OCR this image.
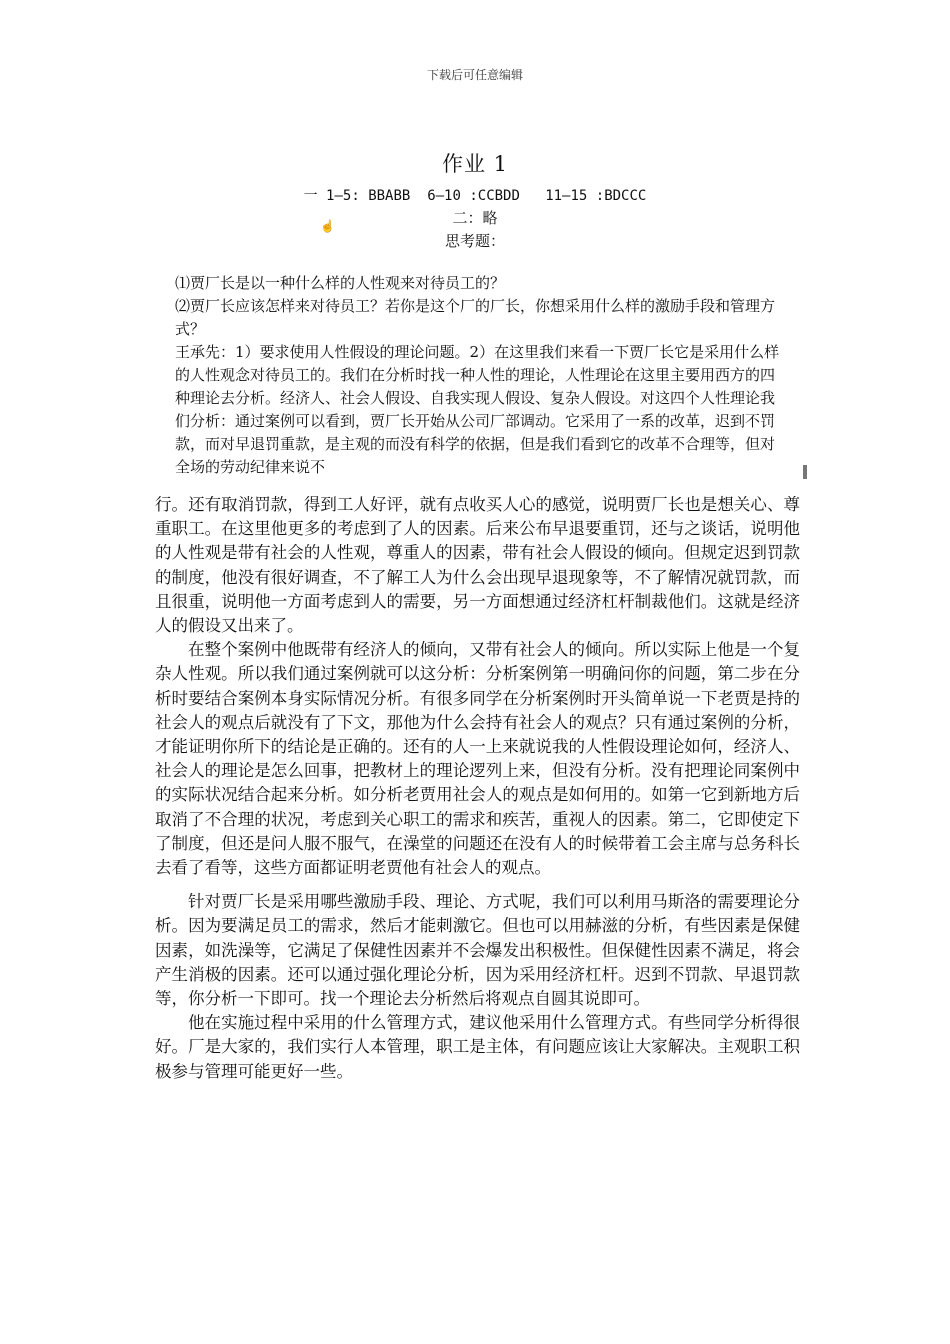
下载后可任意编辑
作业 1
一 1—5: BBABB  6—10 :CCBDD   11—15 :BDCCC
二：略
思考题：
☝

⑴贾厂长是以一种什么样的人性观来对待员工的？

⑵贾厂长应该怎样来对待员工？若你是这个厂的厂长，你想采用什么样的激励手段和管理方式？

王承先：1）要求使用人性假设的理论问题。2）在这里我们来看一下贾厂长它是采用什么样的人性观念对待员工的。我们在分析时找一种人性的理论，人性理论在这里主要用西方的四种理论去分析。经济人、社会人假设、自我实现人假设、复杂人假设。对这四个人性理论我们分析：通过案例可以看到，贾厂长开始从公司厂部调动。它采用了一系的改革，迟到不罚款，而对早退罚重款，是主观的而没有科学的依据，但是我们看到它的改革不合理等，但对全场的劳动纪律来说不

行。还有取消罚款，得到工人好评，就有点收买人心的感觉，说明贾厂长也是想关心、尊重职工。在这里他更多的考虑到了人的因素。后来公布早退要重罚，还与之谈话，说明他的人性观是带有社会的人性观，尊重人的因素，带有社会人假设的倾向。但规定迟到罚款的制度，他没有很好调查，不了解工人为什么会出现早退现象等，不了解情况就罚款，而且很重，说明他一方面考虑到人的需要，另一方面想通过经济杠杆制裁他们。这就是经济人的假设又出来了。

在整个案例中他既带有经济人的倾向，又带有社会人的倾向。所以实际上他是一个复杂人性观。所以我们通过案例就可以这分析：分析案例第一明确问你的问题，第二步在分析时要结合案例本身实际情况分析。有很多同学在分析案例时开头简单说一下老贾是持的社会人的观点后就没有了下文，那他为什么会持有社会人的观点？只有通过案例的分析，才能证明你所下的结论是正确的。还有的人一上来就说我的人性假设理论如何，经济人、社会人的理论是怎么回事，把教材上的理论逻列上来，但没有分析。没有把理论同案例中的实际状况结合起来分析。如分析老贾用社会人的观点是如何用的。如第一它到新地方后取消了不合理的状况，考虑到关心职工的需求和疾苦，重视人的因素。第二，它即使定下了制度，但还是问人服不服气，在澡堂的问题还在没有人的时候带着工会主席与总务科长去看了看等，这些方面都证明老贾他有社会人的观点。

针对贾厂长是采用哪些激励手段、理论、方式呢，我们可以利用马斯洛的需要理论分析。因为要满足员工的需求，然后才能刺激它。但也可以用赫滋的分析，有些因素是保健因素，如洗澡等，它满足了保健性因素并不会爆发出积极性。但保健性因素不满足，将会产生消极的因素。还可以通过强化理论分析，因为采用经济杠杆。迟到不罚款、早退罚款等，你分析一下即可。找一个理论去分析然后将观点自圆其说即可。

他在实施过程中采用的什么管理方式，建议他采用什么管理方式。有些同学分析得很好。厂是大家的，我们实行人本管理，职工是主体，有问题应该让大家解决。主观职工积极参与管理可能更好一些。
